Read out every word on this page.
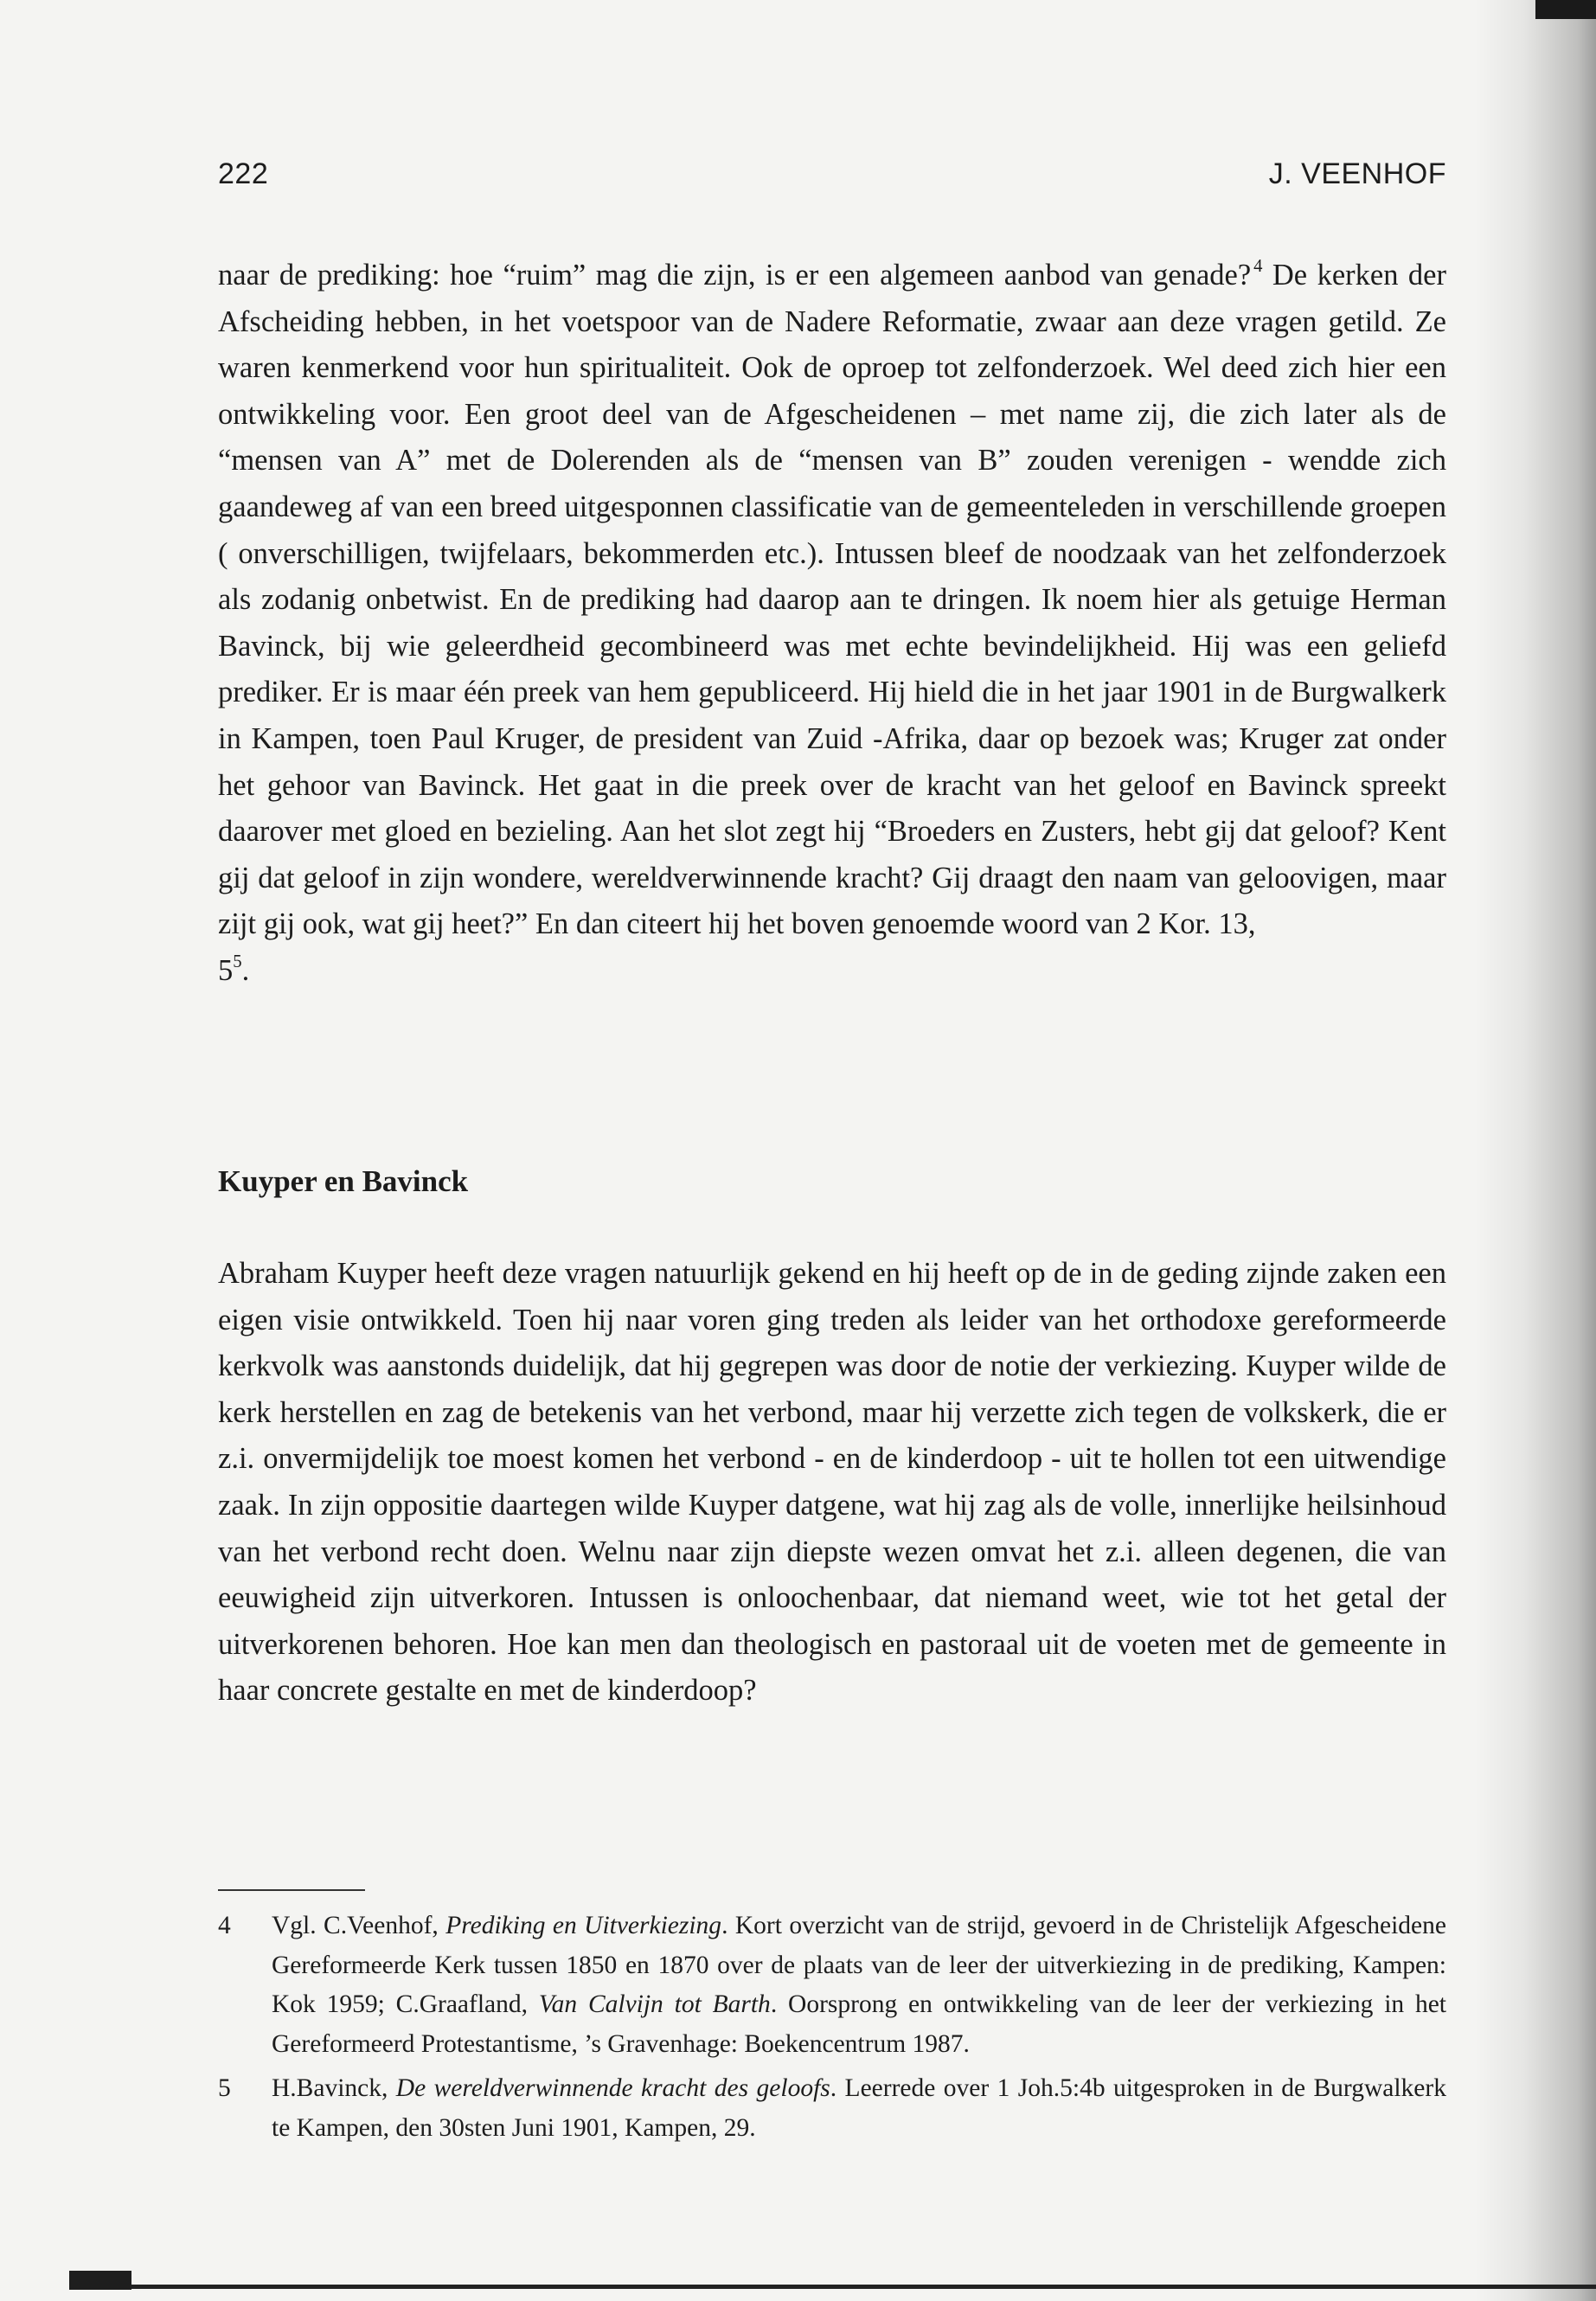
222	J. VEENHOF

naar de prediking: hoe “ruim” mag die zijn, is er een algemeen aanbod van genade?  $^4$ De kerken der Afscheiding hebben, in het voetspoor van de Nadere Reformatie, zwaar aan deze vragen getild. Ze waren kenmerkend voor hun spiritualiteit. Ook de oproep tot zelfonderzoek. Wel deed zich hier een ontwikkeling voor. Een groot deel van de Afgescheidenen – met name zij, die zich later als de “mensen van A” met de Dolerenden als de “mensen van B” zouden verenigen - wendde zich gaandeweg af van een breed uitgesponnen classificatie van de gemeenteleden in verschillende groepen ( onverschilligen, twijfelaars, bekommerden etc.). Intussen bleef de noodzaak van het zelfonderzoek als zodanig onbetwist. En de prediking had daarop aan te dringen. Ik noem hier als getuige Herman Bavinck, bij wie geleerdheid gecombineerd was met echte bevindelijkheid. Hij was een geliefd prediker. Er is maar één preek van hem gepubliceerd. Hij hield die in het jaar 1901 in de Burgwalkerk in Kampen, toen Paul Kruger, de president van Zuid -Afrika, daar op bezoek was; Kruger zat onder het gehoor van Bavinck. Het gaat in die preek over de kracht van het geloof en Bavinck spreekt daarover met gloed en bezieling. Aan het slot zegt hij “Broeders en Zusters, hebt gij dat geloof? Kent gij dat geloof in zijn wondere, wereldverwinnende kracht? Gij draagt den naam van geloovigen, maar zijt gij ook, wat gij heet?” En dan citeert hij het boven genoemde woord van 2 Kor. 13,
$5^5$.

Kuyper en Bavinck

Abraham Kuyper heeft deze vragen natuurlijk gekend en hij heeft op de in de geding zijnde zaken een eigen visie ontwikkeld. Toen hij naar voren ging treden als leider van het orthodoxe gereformeerde kerkvolk was aanstonds duidelijk, dat hij gegrepen was door de notie der verkiezing. Kuyper wilde de kerk herstellen en zag de betekenis van het verbond, maar hij verzette zich tegen de volkskerk, die er z.i. onvermijdelijk toe moest komen het verbond - en de kinderdoop - uit te hollen tot een uitwendige zaak. In zijn oppositie daartegen wilde Kuyper datgene, wat hij zag als de volle, innerlijke heilsinhoud van het verbond recht doen. Welnu naar zijn diepste wezen omvat het z.i. alleen degenen, die van eeuwigheid zijn uitverkoren. Intussen is onloochenbaar, dat niemand weet, wie tot het getal der uitverkorenen behoren. Hoe kan men dan theologisch en pastoraal uit de voeten met de gemeente in haar concrete gestalte en met de kinderdoop?

4 Vgl. C.Veenhof, Prediking en Uitverkiezing. Kort overzicht van de strijd, gevoerd in de Christelijk Afgescheidene Gereformeerde Kerk tussen 1850 en 1870 over de plaats van de leer der uitverkiezing in de prediking, Kampen: Kok 1959; C.Graafland, Van Calvijn tot Barth. Oorsprong en ontwikkeling van de leer der verkiezing in het Gereformeerd Protestantisme, ’s Gravenhage: Boekencentrum 1987.
5 H.Bavinck, De wereldverwinnende kracht des geloofs. Leerrede over 1 Joh.5:4b uitgesproken in de Burgwalkerk te Kampen, den 30sten Juni 1901, Kampen, 29.
